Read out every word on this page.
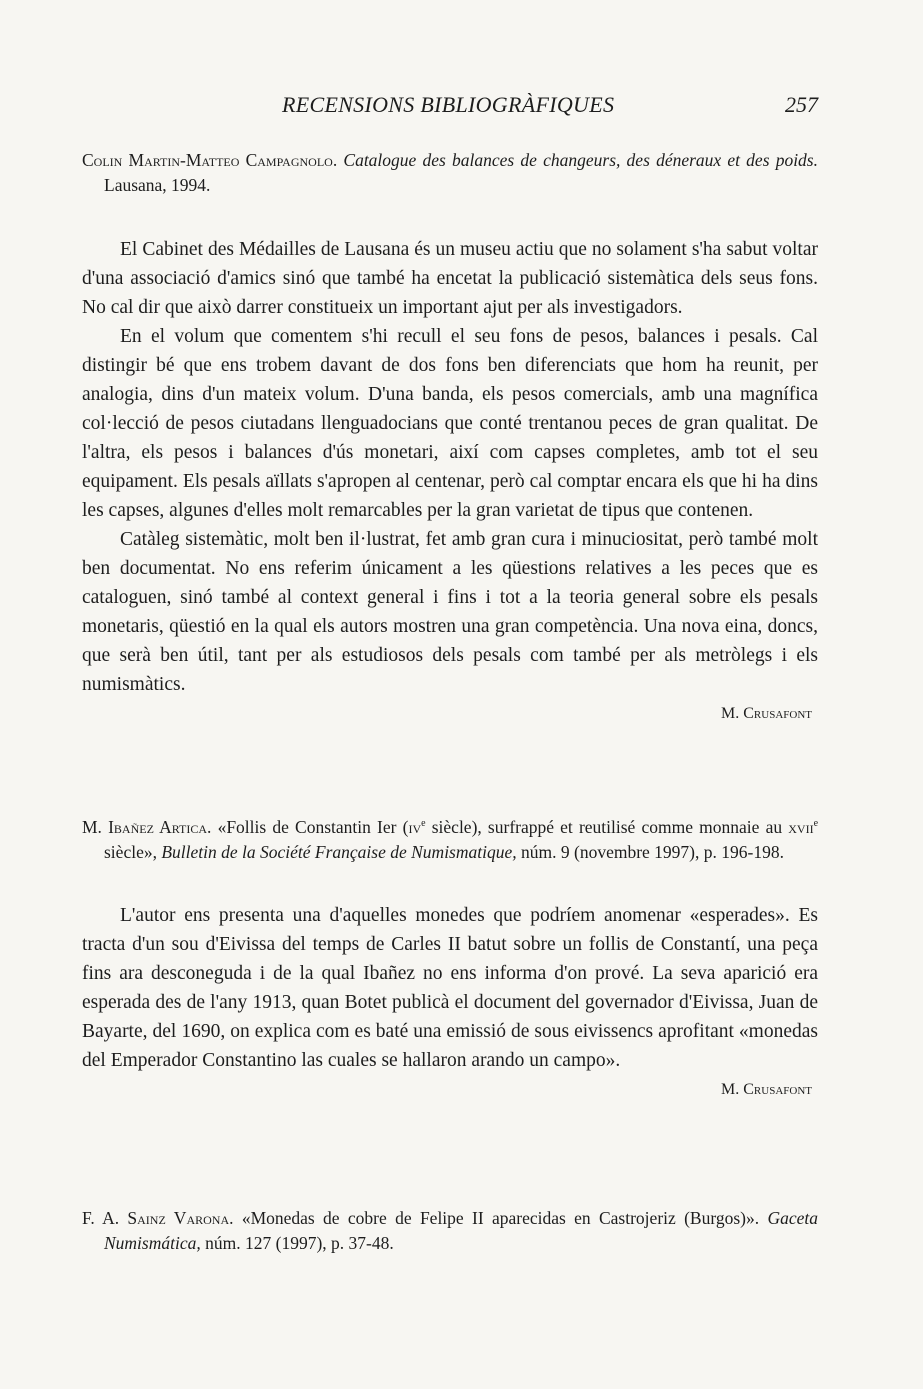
RECENSIONS BIBLIOGRÀFIQUES	257

Colin Martin-Matteo Campagnolo. Catalogue des balances de changeurs, des déneraux et des poids. Lausana, 1994.

El Cabinet des Médailles de Lausana és un museu actiu que no solament s'ha sabut voltar d'una associació d'amics sinó que també ha encetat la publicació sistemàtica dels seus fons. No cal dir que això darrer constitueix un important ajut per als investigadors.

En el volum que comentem s'hi recull el seu fons de pesos, balances i pesals. Cal distingir bé que ens trobem davant de dos fons ben diferenciats que hom ha reunit, per analogia, dins d'un mateix volum. D'una banda, els pesos comercials, amb una magnífica col·lecció de pesos ciutadans llenguadocians que conté trentanou peces de gran qualitat. De l'altra, els pesos i balances d'ús monetari, així com capses completes, amb tot el seu equipament. Els pesals aïllats s'apropen al centenar, però cal comptar encara els que hi ha dins les capses, algunes d'elles molt remarcables per la gran varietat de tipus que contenen.

Catàleg sistemàtic, molt ben il·lustrat, fet amb gran cura i minuciositat, però també molt ben documentat. No ens referim únicament a les qüestions relatives a les peces que es cataloguen, sinó també al context general i fins i tot a la teoria general sobre els pesals monetaris, qüestió en la qual els autors mostren una gran competència. Una nova eina, doncs, que serà ben útil, tant per als estudiosos dels pesals com també per als metròlegs i els numismàtics.

M. Crusafont

M. Ibañez Artica. «Follis de Constantin Ier ($iv^e$ siècle), surfrappé et reutilisé comme monnaie au xvii$^e$ siècle», Bulletin de la Société Française de Numismatique, núm. 9 (novembre 1997), p. 196-198.

L'autor ens presenta una d'aquelles monedes que podríem anomenar «esperades». Es tracta d'un sou d'Eivissa del temps de Carles II batut sobre un follis de Constantí, una peça fins ara desconeguda i de la qual Ibañez no ens informa d'on prové. La seva aparició era esperada des de l'any 1913, quan Botet publicà el document del governador d'Eivissa, Juan de Bayarte, del 1690, on explica com es baté una emissió de sous eivissencs aprofitant «monedas del Emperador Constantino las cuales se hallaron arando un campo».

M. Crusafont

F. A. Sainz Varona. «Monedas de cobre de Felipe II aparecidas en Castrojeriz (Burgos)». Gaceta Numismática, núm. 127 (1997), p. 37-48.
